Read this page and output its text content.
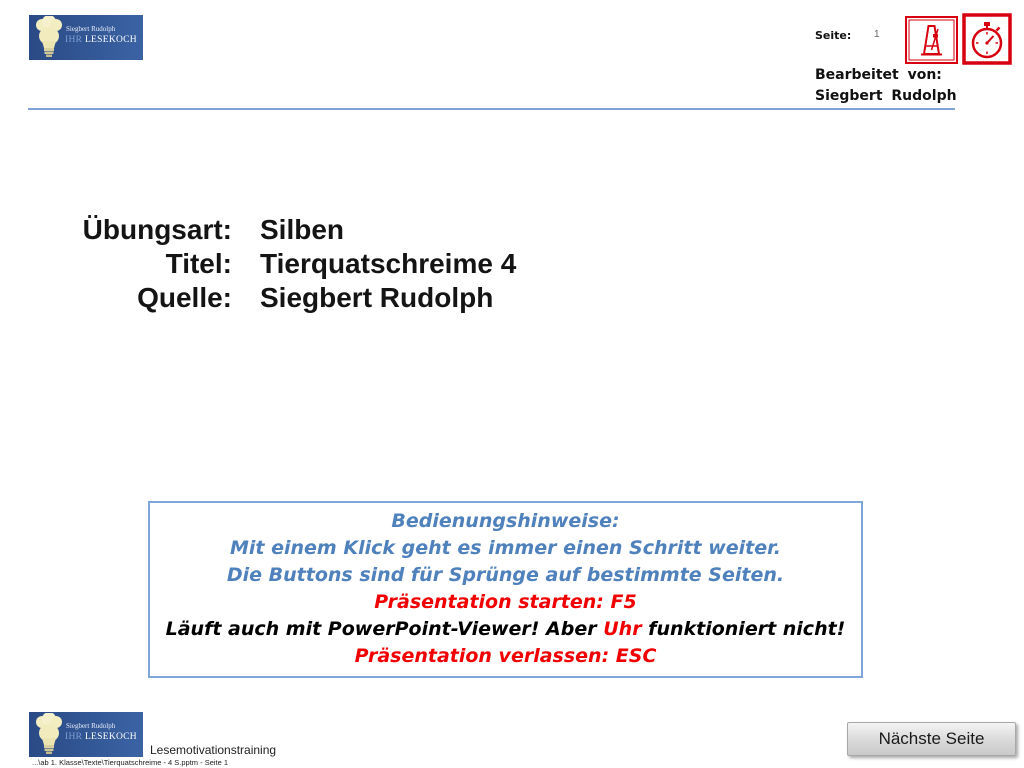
Siegbert Rudolph
IHR LESEKOCH	Seite: 1
Bearbeitet von:
Siegbert Rudolph
Übungsart: Silben
Titel: Tierquatschreime 4
Quelle: Siegbert Rudolph
Bedienungshinweise:
Mit einem Klick geht es immer einen Schritt weiter.
Die Buttons sind für Sprünge auf bestimmte Seiten.
Präsentation starten: F5
Läuft auch mit PowerPoint-Viewer! Aber Uhr funktioniert nicht!
Präsentation verlassen: ESC
Siegbert Rudolph
IHR LESEKOCH
Lesemotivationstraining
...\ab 1. Klasse\Texte\Tierquatschreime - 4 S.pptm - Seite 1
Nächste Seite
